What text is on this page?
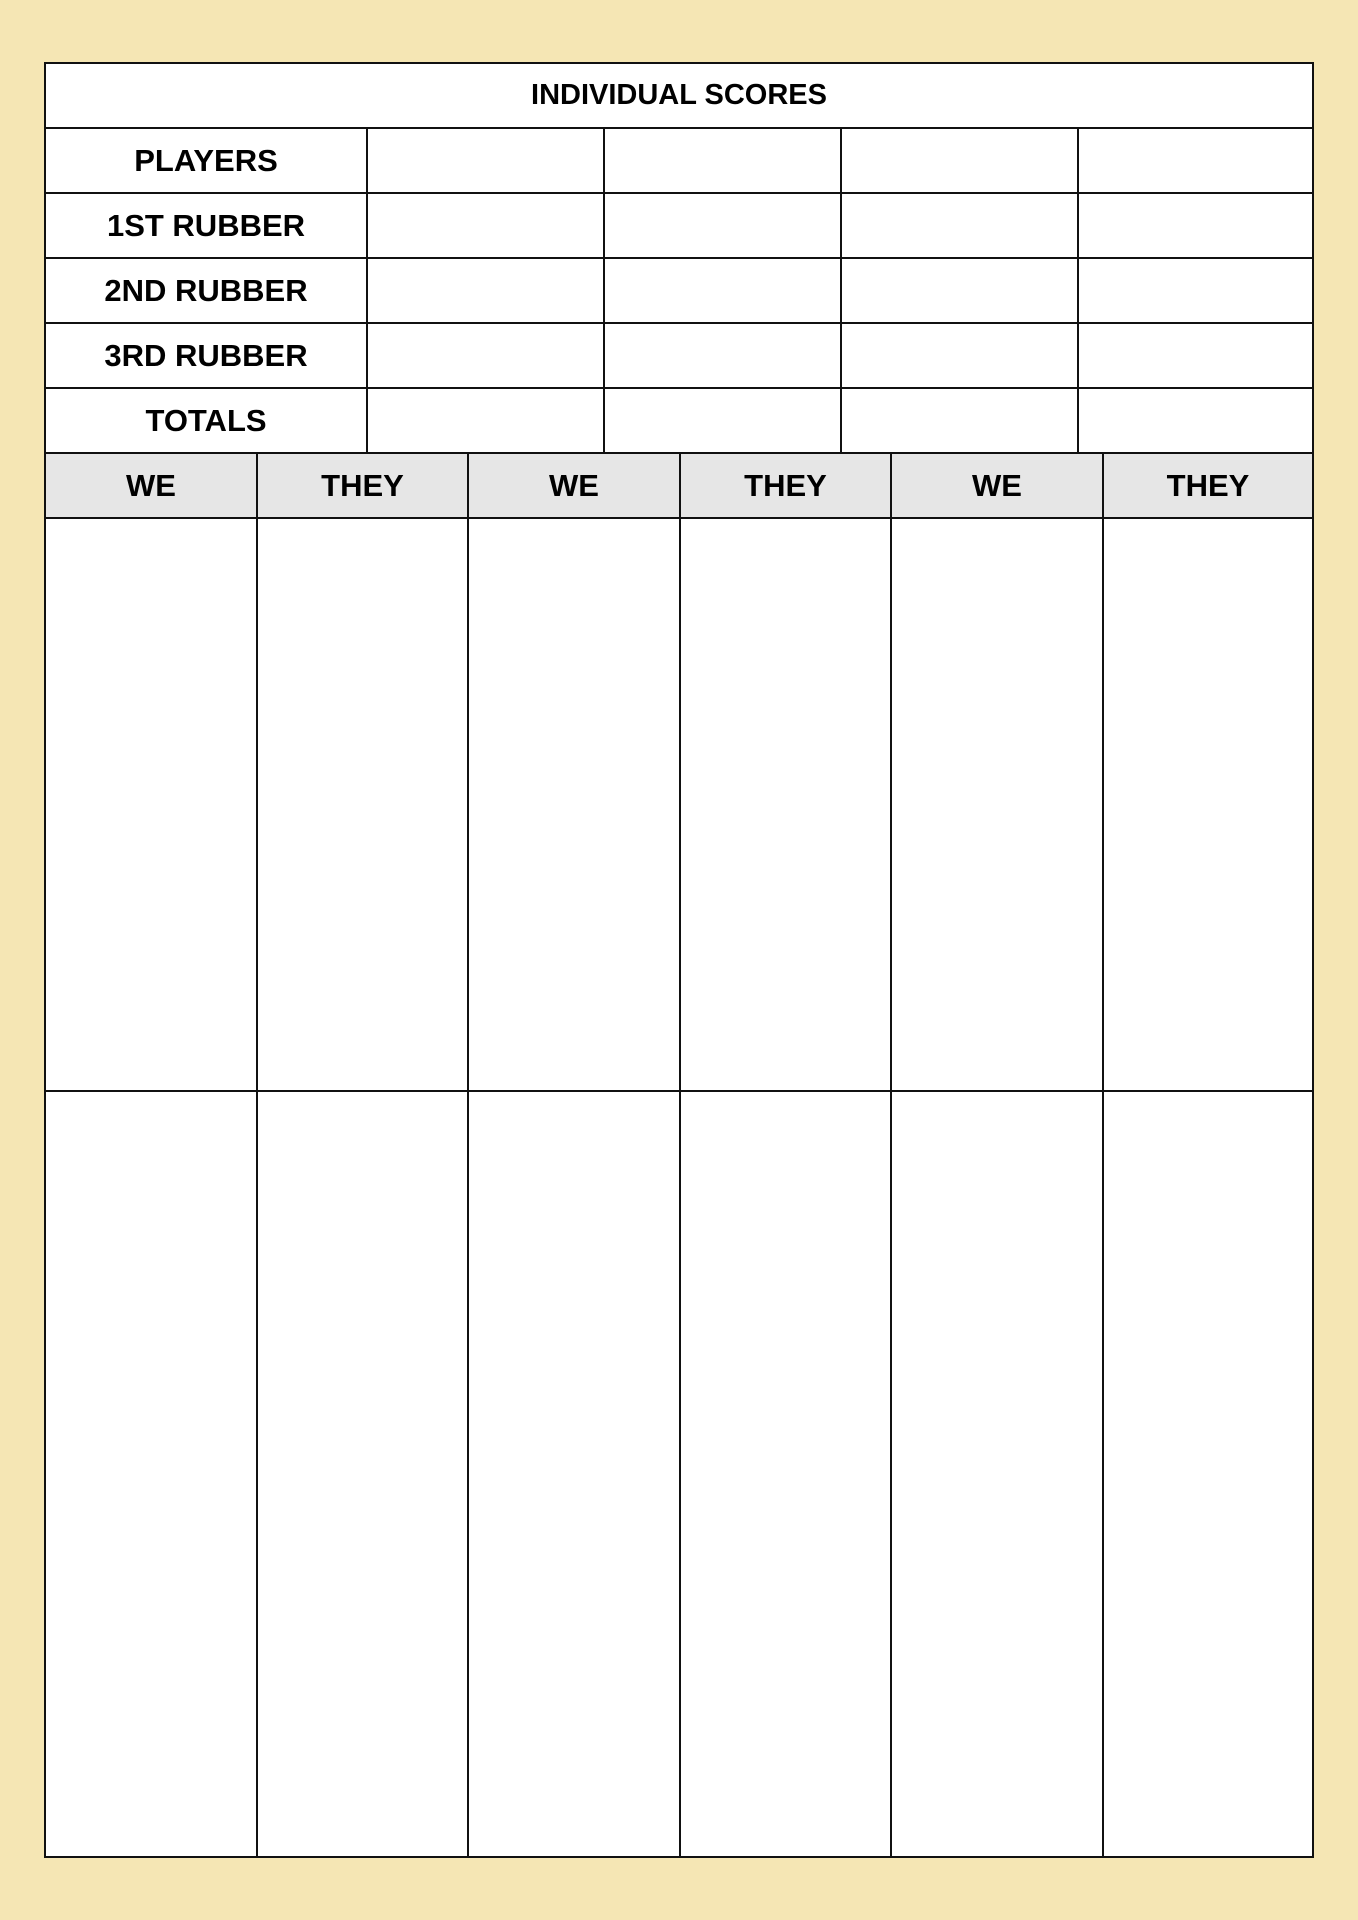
INDIVIDUAL SCORES
PLAYERS
1ST RUBBER
2ND RUBBER
3RD RUBBER
TOTALS
WE	THEY	WE	THEY	WE	THEY
